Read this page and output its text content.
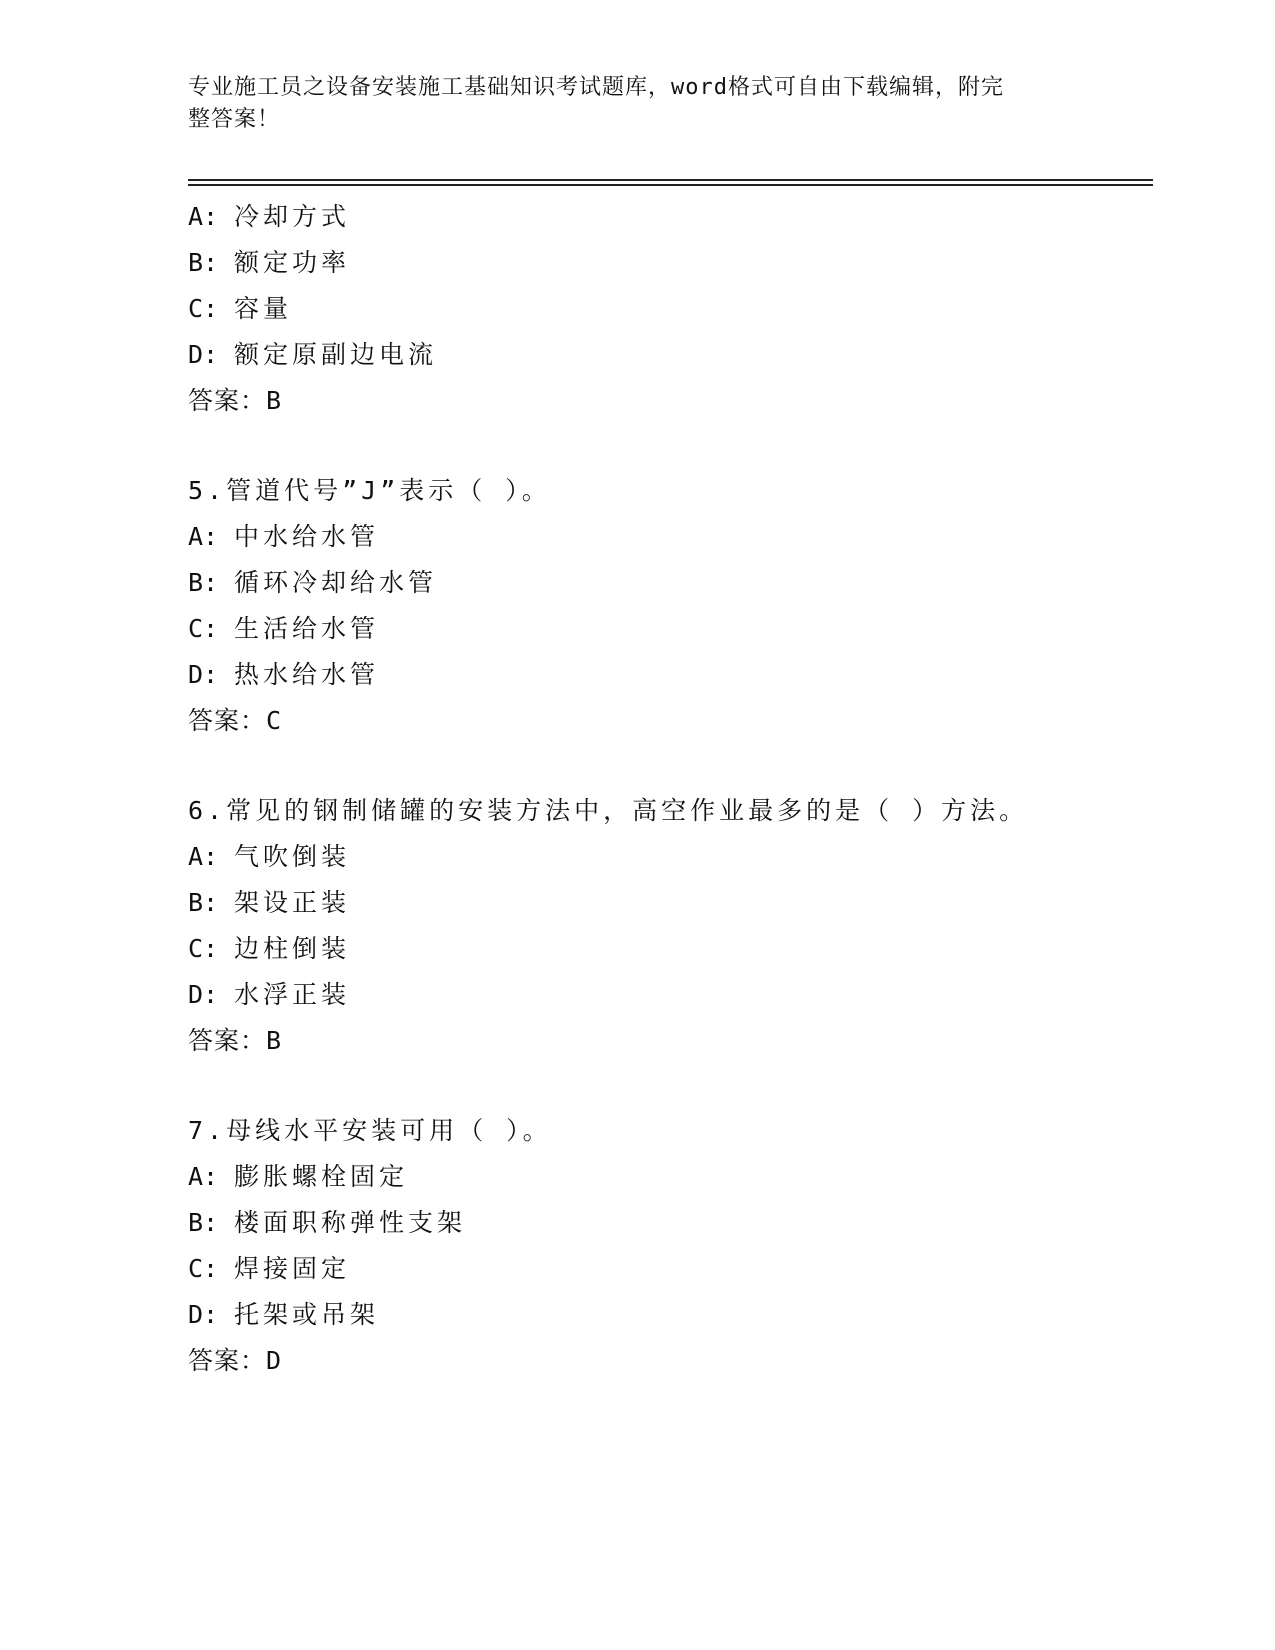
专业施工员之设备安装施工基础知识考试题库，word格式可自由下载编辑，附完
整答案！
A: 冷却方式
B: 额定功率
C: 容量
D: 额定原副边电流
答案：B
5.管道代号”J”表示（ ）。
A: 中水给水管
B: 循环冷却给水管
C: 生活给水管
D: 热水给水管
答案：C
6.常见的钢制储罐的安装方法中，高空作业最多的是（ ）方法。
A: 气吹倒装
B: 架设正装
C: 边柱倒装
D: 水浮正装
答案：B
7.母线水平安装可用（ ）。
A: 膨胀螺栓固定
B: 楼面职称弹性支架
C: 焊接固定
D: 托架或吊架
答案：D
